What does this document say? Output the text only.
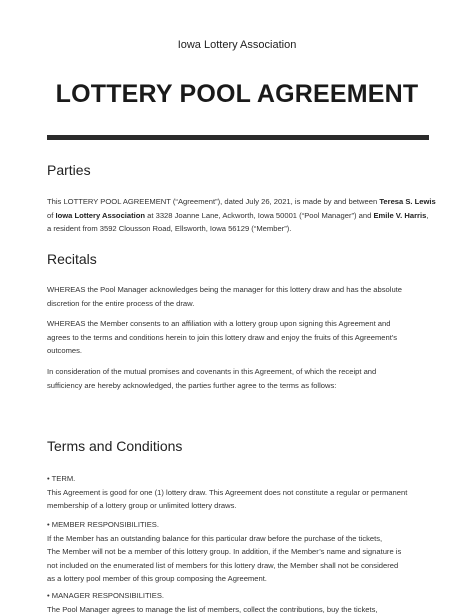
Iowa Lottery Association
LOTTERY POOL AGREEMENT
Parties
This LOTTERY POOL AGREEMENT (“Agreement”), dated July 26, 2021, is made by and between Teresa S. Lewis
of Iowa Lottery Association at 3328 Joanne Lane, Ackworth, Iowa 50001 (“Pool Manager”) and Emile V. Harris,
a resident from 3592 Clousson Road, Ellsworth, Iowa 56129 (“Member”).
Recitals
WHEREAS the Pool Manager acknowledges being the manager for this lottery draw and has the absolute
discretion for the entire process of the draw.
WHEREAS the Member consents to an affiliation with a lottery group upon signing this Agreement and
agrees to the terms and conditions herein to join this lottery draw and enjoy the fruits of this Agreement's
outcomes.
In consideration of the mutual promises and covenants in this Agreement, of which the receipt and
sufficiency are hereby acknowledged, the parties further agree to the terms as follows:
Terms and Conditions
• TERM.
This Agreement is good for one (1) lottery draw. This Agreement does not constitute a regular or permanent
membership of a lottery group or unlimited lottery draws.
• MEMBER RESPONSIBILITIES.
If the Member has an outstanding balance for this particular draw before the purchase of the tickets,
The Member will not be a member of this lottery group. In addition, if the Member’s name and signature is
not included on the enumerated list of members for this lottery draw, the Member shall not be considered
as a lottery pool member of this group composing the Agreement.
• MANAGER RESPONSIBILITIES.
The Pool Manager agrees to manage the list of members, collect the contributions, buy the tickets,
